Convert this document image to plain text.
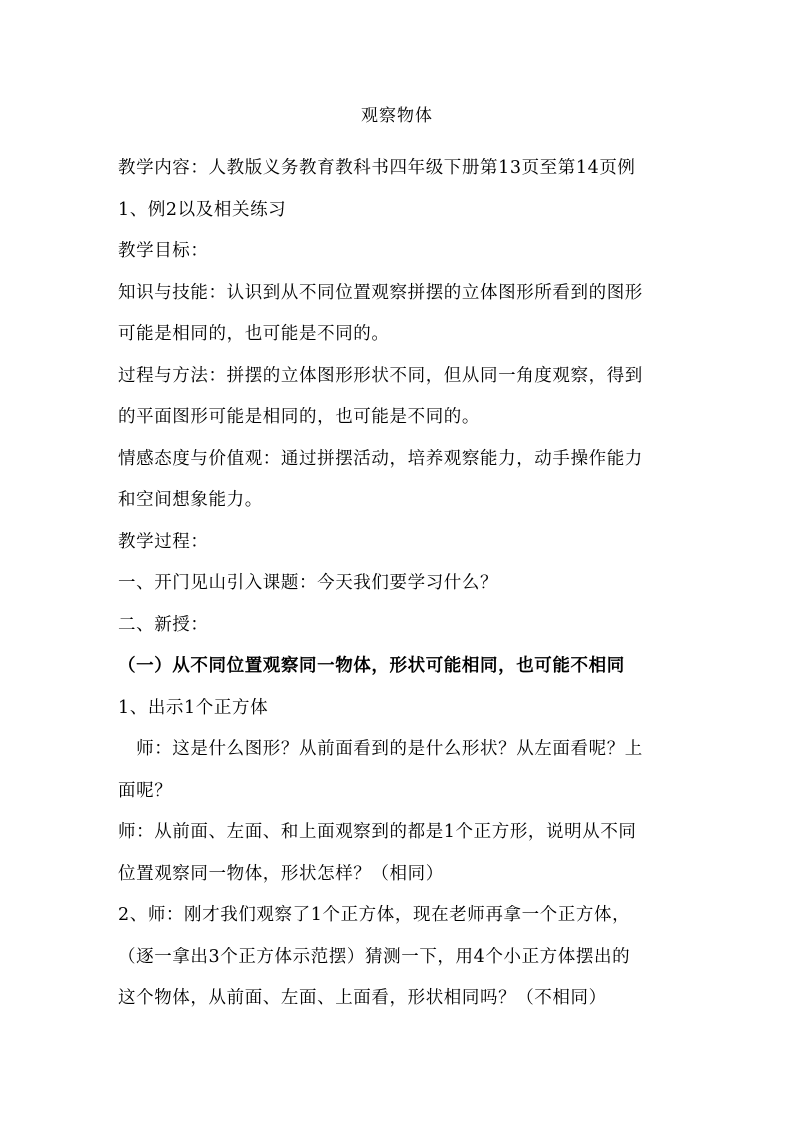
观察物体

教学内容：人教版义务教育教科书四年级下册第13页至第14页例

1、例2以及相关练习

教学目标：

知识与技能：认识到从不同位置观察拼摆的立体图形所看到的图形

可能是相同的，也可能是不同的。

过程与方法：拼摆的立体图形形状不同，但从同一角度观察，得到

的平面图形可能是相同的，也可能是不同的。

情感态度与价值观：通过拼摆活动，培养观察能力，动手操作能力

和空间想象能力。

教学过程：

一、开门见山引入课题：今天我们要学习什么？

二、新授：

（一）从不同位置观察同一物体，形状可能相同，也可能不相同

1、出示1个正方体

　师：这是什么图形？从前面看到的是什么形状？从左面看呢？上

面呢？

师：从前面、左面、和上面观察到的都是1个正方形，说明从不同

位置观察同一物体，形状怎样？（相同）

2、师：刚才我们观察了1个正方体，现在老师再拿一个正方体，

（逐一拿出3个正方体示范摆）猜测一下，用4个小正方体摆出的

这个物体，从前面、左面、上面看，形状相同吗？（不相同）
